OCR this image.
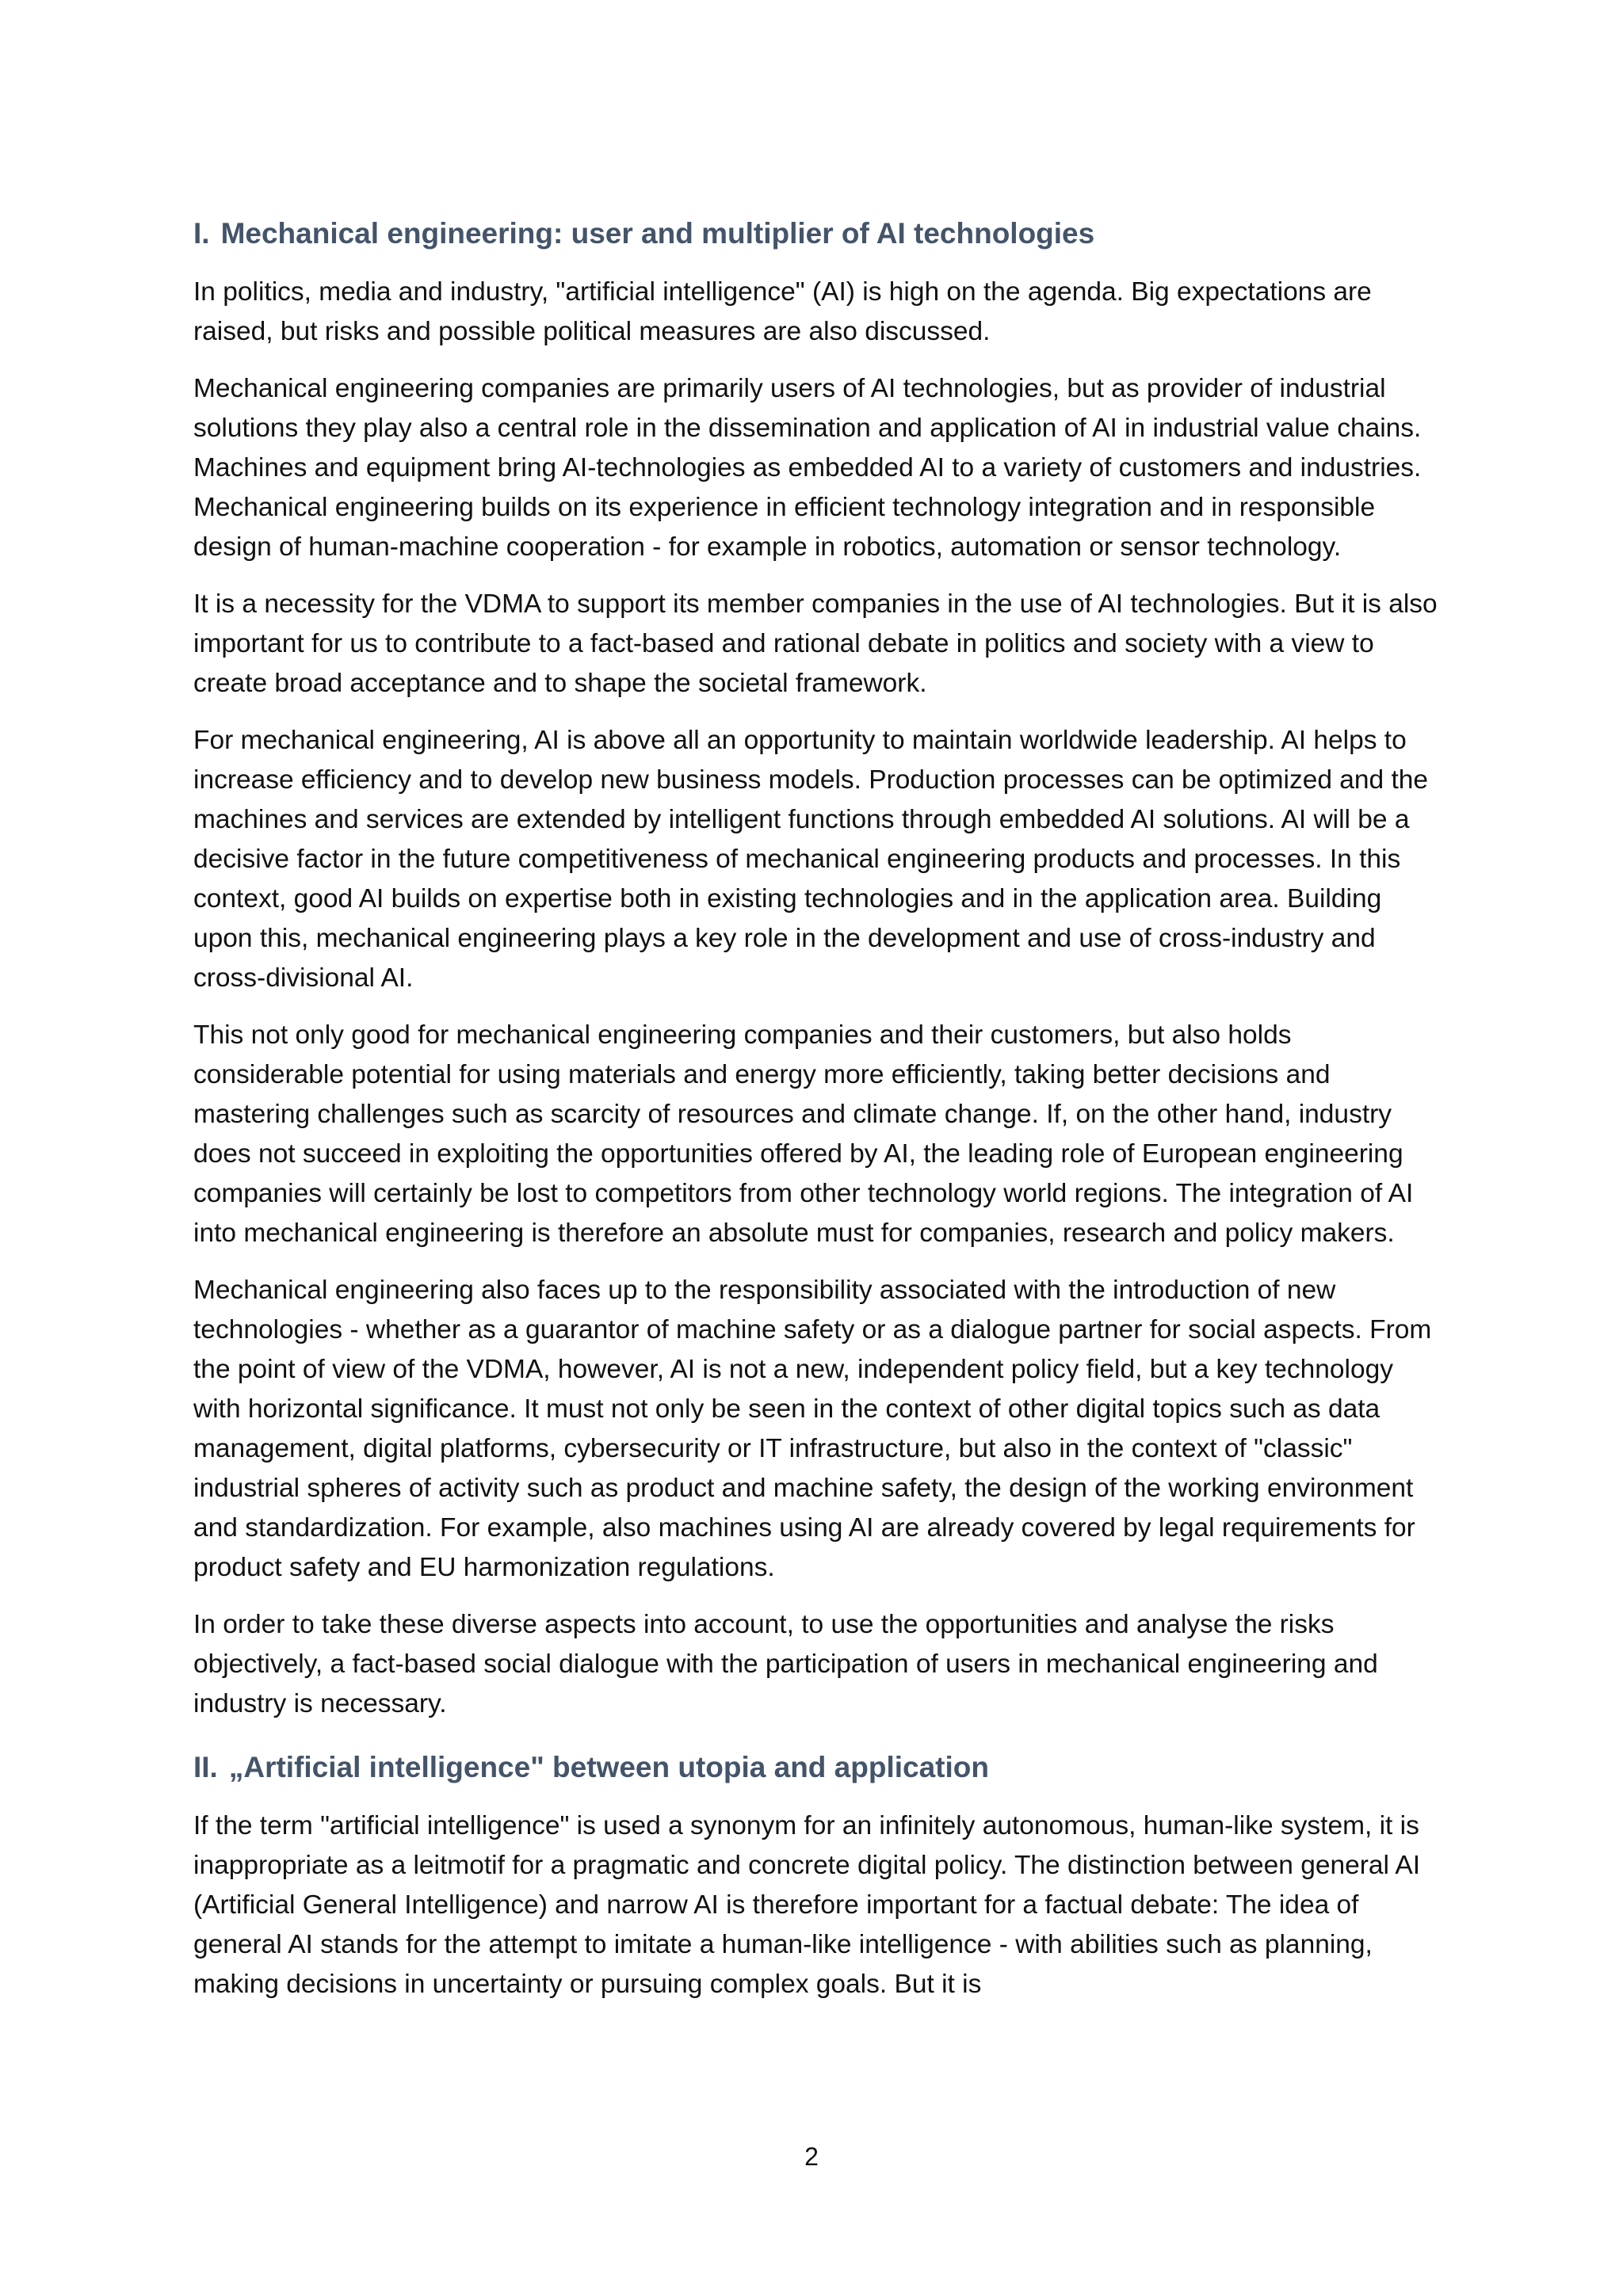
I. Mechanical engineering: user and multiplier of AI technologies

In politics, media and industry, "artificial intelligence" (AI) is high on the agenda. Big expectations are raised, but risks and possible political measures are also discussed.

Mechanical engineering companies are primarily users of AI technologies, but as provider of industrial solutions they play also a central role in the dissemination and application of AI in industrial value chains. Machines and equipment bring AI-technologies as embedded AI to a variety of customers and industries. Mechanical engineering builds on its experience in efficient technology integration and in responsible design of human-machine cooperation - for example in robotics, automation or sensor technology.

It is a necessity for the VDMA to support its member companies in the use of AI technologies. But it is also important for us to contribute to a fact-based and rational debate in politics and society with a view to create broad acceptance and to shape the societal framework.

For mechanical engineering, AI is above all an opportunity to maintain worldwide leadership. AI helps to increase efficiency and to develop new business models. Production processes can be optimized and the machines and services are extended by intelligent functions through embedded AI solutions. AI will be a decisive factor in the future competitiveness of mechanical engineering products and processes. In this context, good AI builds on expertise both in existing technologies and in the application area. Building upon this, mechanical engineering plays a key role in the development and use of cross-industry and cross-divisional AI.

This not only good for mechanical engineering companies and their customers, but also holds considerable potential for using materials and energy more efficiently, taking better decisions and mastering challenges such as scarcity of resources and climate change. If, on the other hand, industry does not succeed in exploiting the opportunities offered by AI, the leading role of European engineering companies will certainly be lost to competitors from other technology world regions. The integration of AI into mechanical engineering is therefore an absolute must for companies, research and policy makers.

Mechanical engineering also faces up to the responsibility associated with the introduction of new technologies - whether as a guarantor of machine safety or as a dialogue partner for social aspects. From the point of view of the VDMA, however, AI is not a new, independent policy field, but a key technology with horizontal significance. It must not only be seen in the context of other digital topics such as data management, digital platforms, cybersecurity or IT infrastructure, but also in the context of "classic" industrial spheres of activity such as product and machine safety, the design of the working environment and standardization. For example, also machines using AI are already covered by legal requirements for product safety and EU harmonization regulations.

In order to take these diverse aspects into account, to use the opportunities and analyse the risks objectively, a fact-based social dialogue with the participation of users in mechanical engineering and industry is necessary.

II. „Artificial intelligence" between utopia and application

If the term "artificial intelligence" is used a synonym for an infinitely autonomous, human-like system, it is inappropriate as a leitmotif for a pragmatic and concrete digital policy. The distinction between general AI (Artificial General Intelligence) and narrow AI is therefore important for a factual debate: The idea of general AI stands for the attempt to imitate a human-like intelligence - with abilities such as planning, making decisions in uncertainty or pursuing complex goals. But it is

2
